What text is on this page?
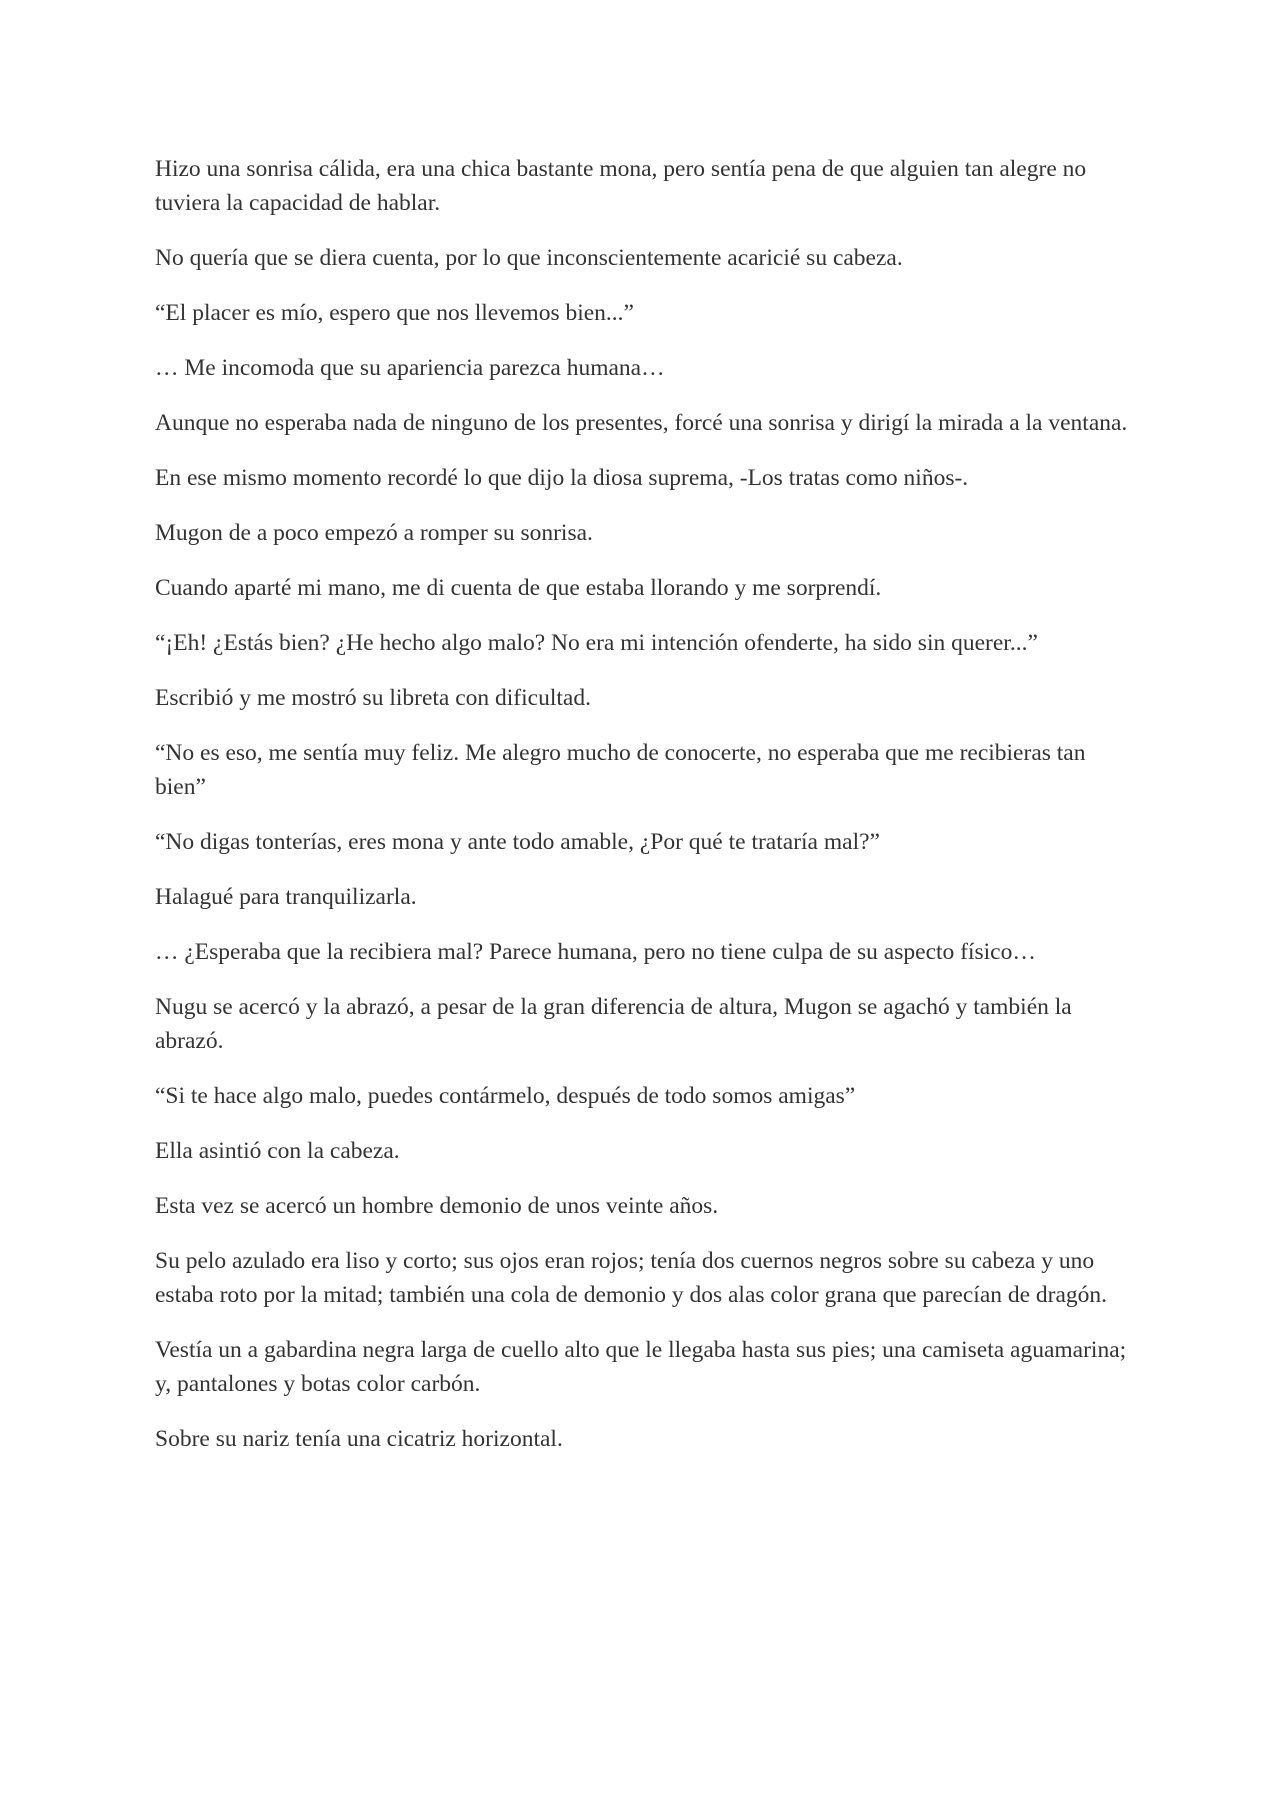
Hizo una sonrisa cálida, era una chica bastante mona, pero sentía pena de que alguien tan alegre no tuviera la capacidad de hablar.

No quería que se diera cuenta, por lo que inconscientemente acaricié su cabeza.

“El placer es mío, espero que nos llevemos bien...”

… Me incomoda que su apariencia parezca humana…

Aunque no esperaba nada de ninguno de los presentes, forcé una sonrisa y dirigí la mirada a la ventana.

En ese mismo momento recordé lo que dijo la diosa suprema, -Los tratas como niños-.

Mugon de a poco empezó a romper su sonrisa.

Cuando aparté mi mano, me di cuenta de que estaba llorando y me sorprendí.

“¡Eh! ¿Estás bien? ¿He hecho algo malo? No era mi intención ofenderte, ha sido sin querer...”

Escribió y me mostró su libreta con dificultad.

“No es eso, me sentía muy feliz. Me alegro mucho de conocerte, no esperaba que me recibieras tan bien”

“No digas tonterías, eres mona y ante todo amable, ¿Por qué te trataría mal?”

Halagué para tranquilizarla.

… ¿Esperaba que la recibiera mal? Parece humana, pero no tiene culpa de su aspecto físico…

Nugu se acercó y la abrazó, a pesar de la gran diferencia de altura, Mugon se agachó y también la abrazó.

“Si te hace algo malo, puedes contármelo, después de todo somos amigas”

Ella asintió con la cabeza.

Esta vez se acercó un hombre demonio de unos veinte años.

Su pelo azulado era liso y corto; sus ojos eran rojos; tenía dos cuernos negros sobre su cabeza y uno estaba roto por la mitad; también una cola de demonio y dos alas color grana que parecían de dragón.

Vestía un a gabardina negra larga de cuello alto que le llegaba hasta sus pies; una camiseta aguamarina; y, pantalones y botas color carbón.

Sobre su nariz tenía una cicatriz horizontal.
